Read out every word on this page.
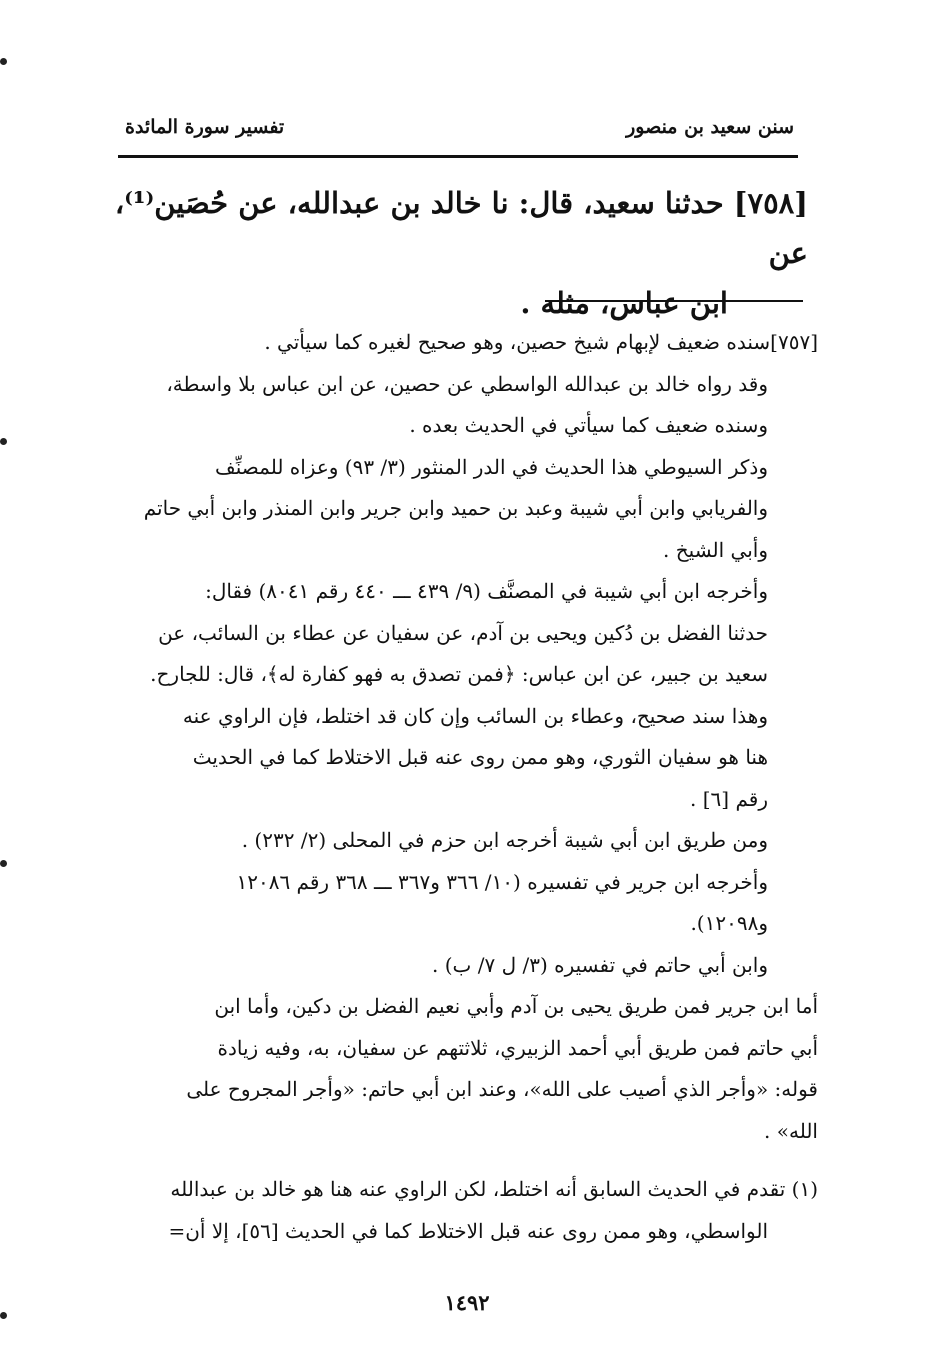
سنن سعيد بن منصور
تفسير سورة المائدة
[٧٥٨] حدثنا سعيد، قال: نا خالد بن عبدالله، عن حُصَين⁽¹⁾، عن
ابن عباس، مثله .
[٧٥٧]سنده ضعيف لإبهام شيخ حصين، وهو صحيح لغيره كما سيأتي .
وقد رواه خالد بن عبدالله الواسطي عن حصين، عن ابن عباس بلا واسطة،
وسنده ضعيف كما سيأتي في الحديث بعده .
وذكر السيوطي هذا الحديث في الدر المنثور (٣/ ٩٣) وعزاه للمصنِّف
والفريابي وابن أبي شيبة وعبد بن حميد وابن جرير وابن المنذر وابن أبي حاتم
وأبي الشيخ .
وأخرجه ابن أبي شيبة في المصنَّف (٩/ ٤٣٩ ـــ ٤٤٠ رقم ٨٠٤١) فقال:
حدثنا الفضل بن دُكين ويحيى بن آدم، عن سفيان عن عطاء بن السائب، عن
سعيد بن جبير، عن ابن عباس: ﴿فمن تصدق به فهو كفارة له﴾، قال: للجارح.
وهذا سند صحيح، وعطاء بن السائب وإن كان قد اختلط، فإن الراوي عنه
هنا هو سفيان الثوري، وهو ممن روى عنه قبل الاختلاط كما في الحديث
رقم [٦] .
ومن طريق ابن أبي شيبة أخرجه ابن حزم في المحلى (٢/ ٢٣٢) .
وأخرجه ابن جرير في تفسيره (١٠/ ٣٦٦ و٣٦٧ ـــ ٣٦٨ رقم ١٢٠٨٦
و١٢٠٩٨).
وابن أبي حاتم في تفسيره (٣/ ل ٧/ ب) .
أما ابن جرير فمن طريق يحيى بن آدم وأبي نعيم الفضل بن دكين، وأما ابن
أبي حاتم فمن طريق أبي أحمد الزبيري، ثلاثتهم عن سفيان، به، وفيه زيادة
قوله: «وأجر الذي أصيب على الله»، وعند ابن أبي حاتم: «وأجر المجروح على
الله» .
(١) تقدم في الحديث السابق أنه اختلط، لكن الراوي عنه هنا هو خالد بن عبدالله
الواسطي، وهو ممن روى عنه قبل الاختلاط كما في الحديث [٥٦]، إلا أن=
١٤٩٢
